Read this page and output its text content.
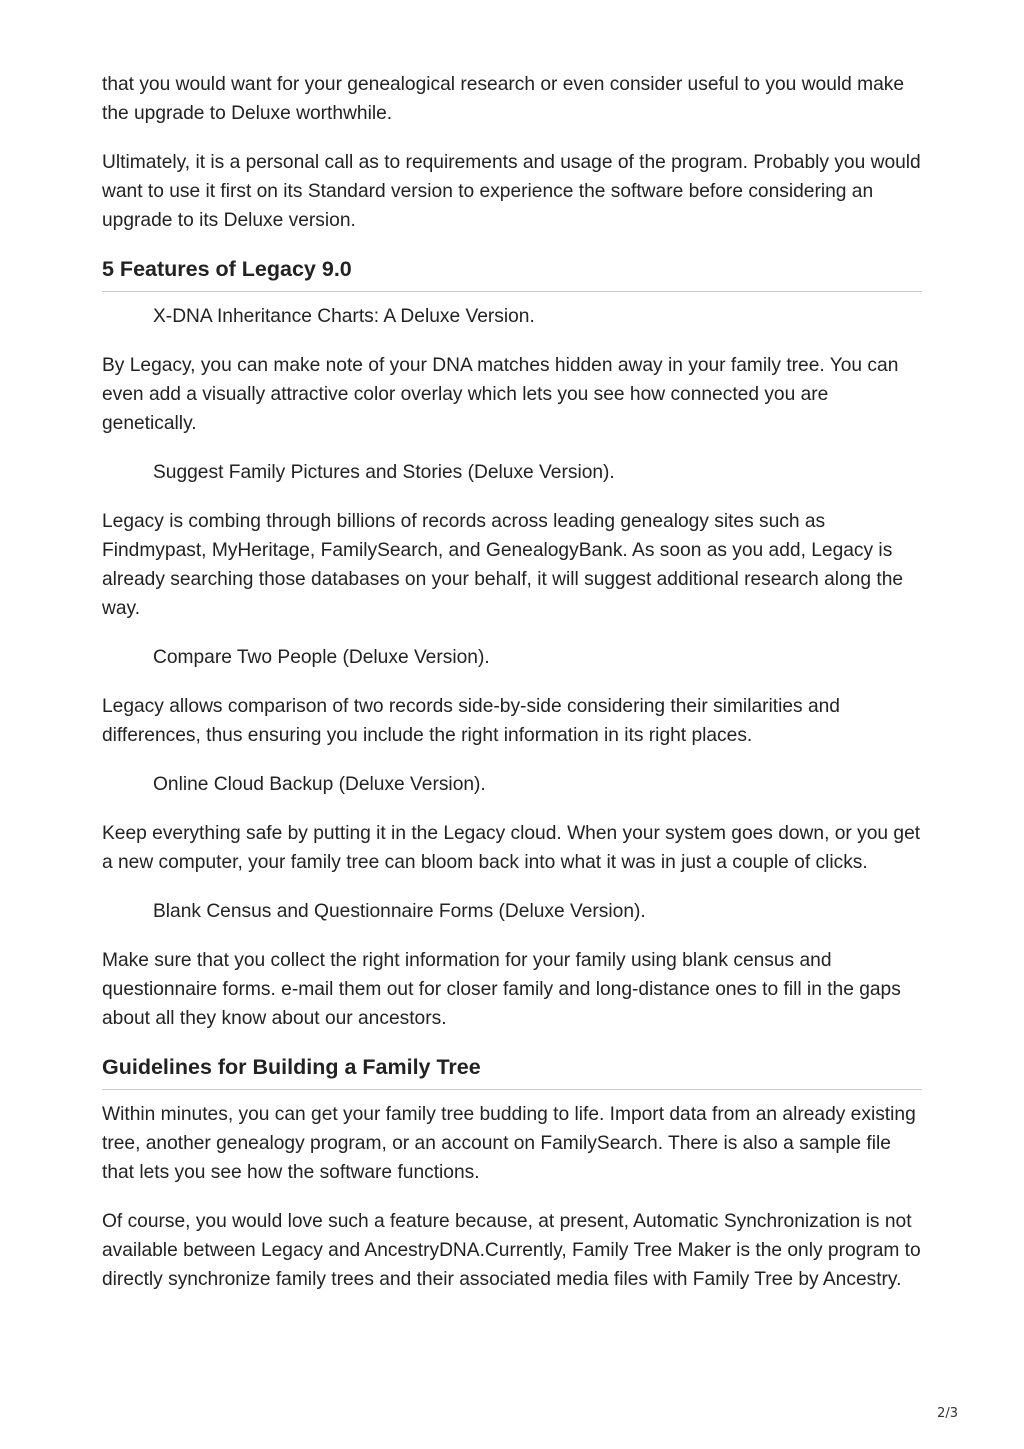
that you would want for your genealogical research or even consider useful to you would make the upgrade to Deluxe worthwhile.

Ultimately, it is a personal call as to requirements and usage of the program. Probably you would want to use it first on its Standard version to experience the software before considering an upgrade to its Deluxe version.

5 Features of Legacy 9.0

X-DNA Inheritance Charts: A Deluxe Version.

By Legacy, you can make note of your DNA matches hidden away in your family tree. You can even add a visually attractive color overlay which lets you see how connected you are genetically.

Suggest Family Pictures and Stories (Deluxe Version).

Legacy is combing through billions of records across leading genealogy sites such as Findmypast, MyHeritage, FamilySearch, and GenealogyBank. As soon as you add, Legacy is already searching those databases on your behalf, it will suggest additional research along the way.

Compare Two People (Deluxe Version).

Legacy allows comparison of two records side-by-side considering their similarities and differences, thus ensuring you include the right information in its right places.

Online Cloud Backup (Deluxe Version).

Keep everything safe by putting it in the Legacy cloud. When your system goes down, or you get a new computer, your family tree can bloom back into what it was in just a couple of clicks.

Blank Census and Questionnaire Forms (Deluxe Version).

Make sure that you collect the right information for your family using blank census and questionnaire forms. e-mail them out for closer family and long-distance ones to fill in the gaps about all they know about our ancestors.

Guidelines for Building a Family Tree

Within minutes, you can get your family tree budding to life. Import data from an already existing tree, another genealogy program, or an account on FamilySearch. There is also a sample file that lets you see how the software functions.

Of course, you would love such a feature because, at present, Automatic Synchronization is not available between Legacy and AncestryDNA.Currently, Family Tree Maker is the only program to directly synchronize family trees and their associated media files with Family Tree by Ancestry.

2/3
